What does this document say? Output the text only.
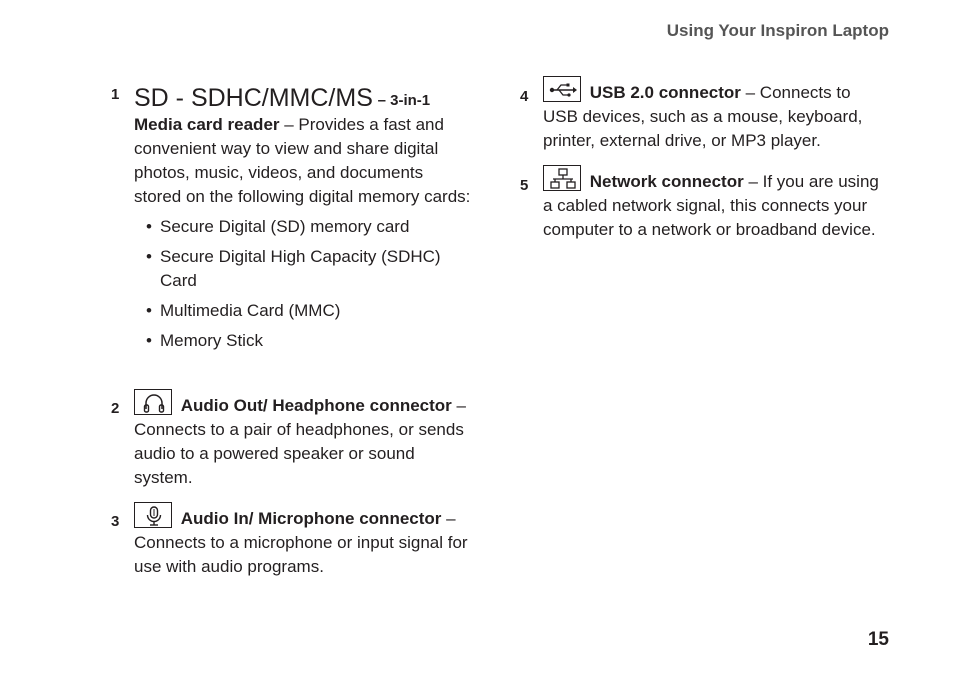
Using Your Inspiron Laptop
1 SD - SDHC/MMC/MS – 3-in-1
Media card reader – Provides a fast and convenient way to view and share digital photos, music, videos, and documents stored on the following digital memory cards:
• Secure Digital (SD) memory card
• Secure Digital High Capacity (SDHC) Card
• Multimedia Card (MMC)
• Memory Stick
2	Audio Out/ Headphone connector – Connects to a pair of headphones, or sends audio to a powered speaker or sound system.
3	Audio In/ Microphone connector – Connects to a microphone or input signal for use with audio programs.
4	USB 2.0 connector – Connects to USB devices, such as a mouse, keyboard, printer, external drive, or MP3 player.
5	Network connector – If you are using a cabled network signal, this connects your computer to a network or broadband device.
15
